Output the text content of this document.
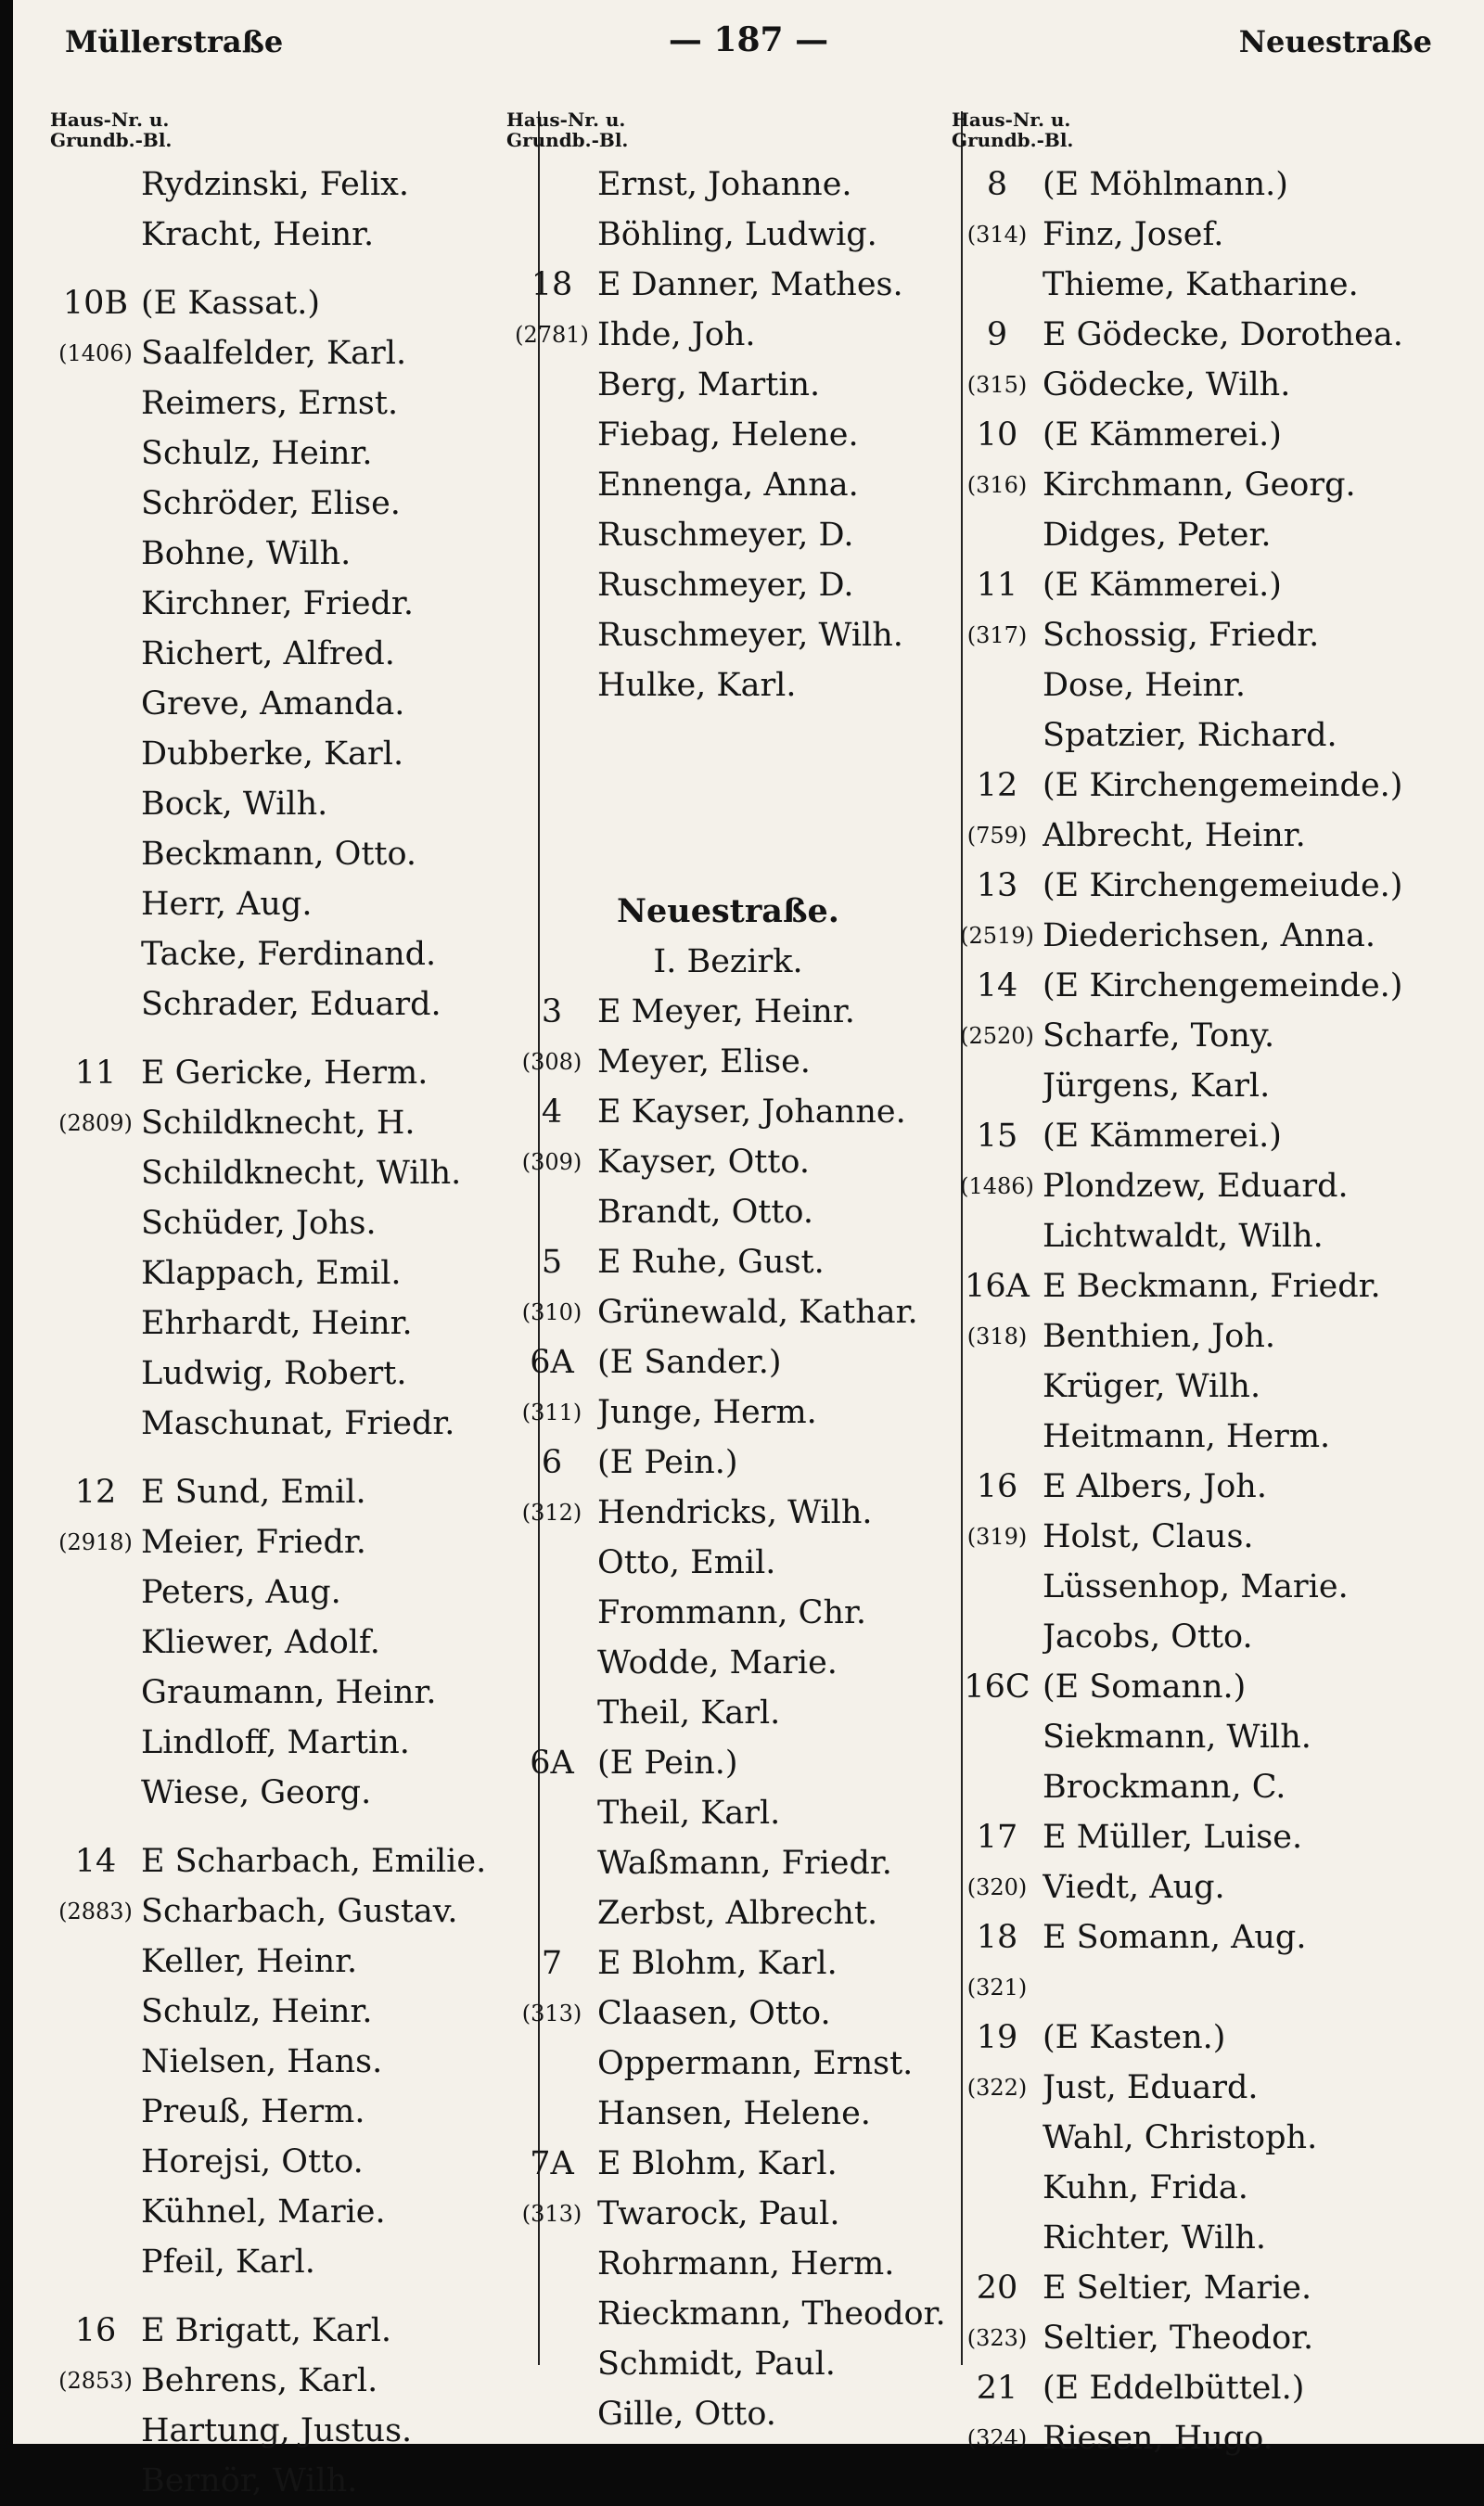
Müllerstraße	— 187 —	Neuestraße
Haus-Nr. u.
Grundb.-Bl.
Rydzinski, Felix.
Kracht, Heinr.
10B (E Kassat.)
(1406) Saalfelder, Karl.
Reimers, Ernst.
Schulz, Heinr.
Schröder, Elise.
Bohne, Wilh.
Kirchner, Friedr.
Richert, Alfred.
Greve, Amanda.
Dubberke, Karl.
Bock, Wilh.
Beckmann, Otto.
Herr, Aug.
Tacke, Ferdinand.
Schrader, Eduard.
11 E Gericke, Herm.
(2809) Schildknecht, H.
Schildknecht, Wilh.
Schüder, Johs.
Klappach, Emil.
Ehrhardt, Heinr.
Ludwig, Robert.
Maschunat, Friedr.
12 E Sund, Emil.
(2918) Meier, Friedr.
Peters, Aug.
Kliewer, Adolf.
Graumann, Heinr.
Lindloff, Martin.
Wiese, Georg.
14 E Scharbach, Emilie.
(2883) Scharbach, Gustav.
Keller, Heinr.
Schulz, Heinr.
Nielsen, Hans.
Preuß, Herm.
Horejsi, Otto.
Kühnel, Marie.
Pfeil, Karl.
16 E Brigatt, Karl.
(2853) Behrens, Karl.
Hartung, Justus.
Bernör, Wilh.
Haus-Nr. u.
Grundb.-Bl.
Ernst, Johanne.
Böhling, Ludwig.
18 E Danner, Mathes.
(2781) Ihde, Joh.
Berg, Martin.
Fiebag, Helene.
Ennenga, Anna.
Ruschmeyer, D.
Ruschmeyer, D.
Ruschmeyer, Wilh.
Hulke, Karl.
Neuestraße.
I. Bezirk.
3	E Meyer, Heinr.
(308) Meyer, Elise.
4	E Kayser, Johanne.
(309) Kayser, Otto.
Brandt, Otto.
5	E Ruhe, Gust.
(310) Grünewald, Kathar.
6A (E Sander.)
(311) Junge, Herm.
6	(E Pein.)
(312) Hendricks, Wilh.
Otto, Emil.
Frommann, Chr.
Wodde, Marie.
Theil, Karl.
6A (E Pein.)
Theil, Karl.
Waßmann, Friedr.
Zerbst, Albrecht.
7	E Blohm, Karl.
(313) Claasen, Otto.
Oppermann, Ernst.
Hansen, Helene.
7A E Blohm, Karl.
(313) Twarock, Paul.
Rohrmann, Herm.
Rieckmann, Theodor.
Schmidt, Paul.
Gille, Otto.
Haus-Nr. u.
Grundb.-Bl.
8	(E Möhlmann.)
(314) Finz, Josef.
Thieme, Katharine.
9	E Gödecke, Dorothea.
(315) Gödecke, Wilh.
10 (E Kämmerei.)
(316) Kirchmann, Georg.
Didges, Peter.
11 (E Kämmerei.)
(317) Schossig, Friedr.
Dose, Heinr.
Spatzier, Richard.
12 (E Kirchengemeinde.)
(759) Albrecht, Heinr.
13 (E Kirchengemeiude.)
(2519) Diederichsen, Anna.
14 (E Kirchengemeinde.)
(2520) Scharfe, Tony.
Jürgens, Karl.
15 (E Kämmerei.)
(1486) Plondzew, Eduard.
Lichtwaldt, Wilh.
16A E Beckmann, Friedr.
(318) Benthien, Joh.
Krüger, Wilh.
Heitmann, Herm.
16 E Albers, Joh.
(319) Holst, Claus.
Lüssenhop, Marie.
Jacobs, Otto.
16C (E Somann.)
Siekmann, Wilh.
Brockmann, C.
17 E Müller, Luise.
(320) Viedt, Aug.
18 E Somann, Aug.
(321)
19 (E Kasten.)
(322) Just, Eduard.
Wahl, Christoph.
Kuhn, Frida.
Richter, Wilh.
20 E Seltier, Marie.
(323) Seltier, Theodor.
21 (E Eddelbüttel.)
(324) Riesen, Hugo.
